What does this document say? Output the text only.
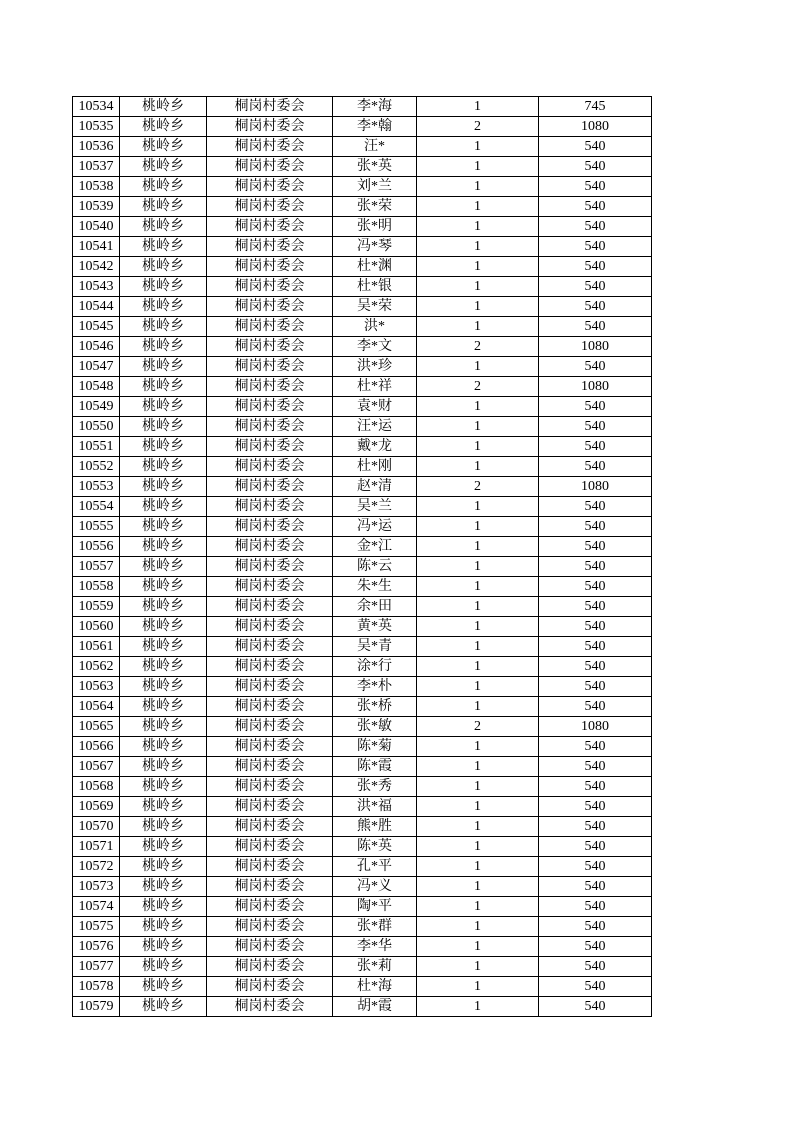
10534	桃岭乡	桐岗村委会	李*海	1	745
10535	桃岭乡	桐岗村委会	李*翰	2	1080
10536	桃岭乡	桐岗村委会	汪*	1	540
10537	桃岭乡	桐岗村委会	张*英	1	540
10538	桃岭乡	桐岗村委会	刘*兰	1	540
10539	桃岭乡	桐岗村委会	张*荣	1	540
10540	桃岭乡	桐岗村委会	张*明	1	540
10541	桃岭乡	桐岗村委会	冯*琴	1	540
10542	桃岭乡	桐岗村委会	杜*渊	1	540
10543	桃岭乡	桐岗村委会	杜*银	1	540
10544	桃岭乡	桐岗村委会	吴*荣	1	540
10545	桃岭乡	桐岗村委会	洪*	1	540
10546	桃岭乡	桐岗村委会	李*文	2	1080
10547	桃岭乡	桐岗村委会	洪*珍	1	540
10548	桃岭乡	桐岗村委会	杜*祥	2	1080
10549	桃岭乡	桐岗村委会	袁*财	1	540
10550	桃岭乡	桐岗村委会	汪*运	1	540
10551	桃岭乡	桐岗村委会	戴*龙	1	540
10552	桃岭乡	桐岗村委会	杜*刚	1	540
10553	桃岭乡	桐岗村委会	赵*清	2	1080
10554	桃岭乡	桐岗村委会	吴*兰	1	540
10555	桃岭乡	桐岗村委会	冯*运	1	540
10556	桃岭乡	桐岗村委会	金*江	1	540
10557	桃岭乡	桐岗村委会	陈*云	1	540
10558	桃岭乡	桐岗村委会	朱*生	1	540
10559	桃岭乡	桐岗村委会	余*田	1	540
10560	桃岭乡	桐岗村委会	黄*英	1	540
10561	桃岭乡	桐岗村委会	吴*青	1	540
10562	桃岭乡	桐岗村委会	涂*行	1	540
10563	桃岭乡	桐岗村委会	李*朴	1	540
10564	桃岭乡	桐岗村委会	张*桥	1	540
10565	桃岭乡	桐岗村委会	张*敏	2	1080
10566	桃岭乡	桐岗村委会	陈*菊	1	540
10567	桃岭乡	桐岗村委会	陈*霞	1	540
10568	桃岭乡	桐岗村委会	张*秀	1	540
10569	桃岭乡	桐岗村委会	洪*福	1	540
10570	桃岭乡	桐岗村委会	熊*胜	1	540
10571	桃岭乡	桐岗村委会	陈*英	1	540
10572	桃岭乡	桐岗村委会	孔*平	1	540
10573	桃岭乡	桐岗村委会	冯*义	1	540
10574	桃岭乡	桐岗村委会	陶*平	1	540
10575	桃岭乡	桐岗村委会	张*群	1	540
10576	桃岭乡	桐岗村委会	李*华	1	540
10577	桃岭乡	桐岗村委会	张*莉	1	540
10578	桃岭乡	桐岗村委会	杜*海	1	540
10579	桃岭乡	桐岗村委会	胡*霞	1	540
